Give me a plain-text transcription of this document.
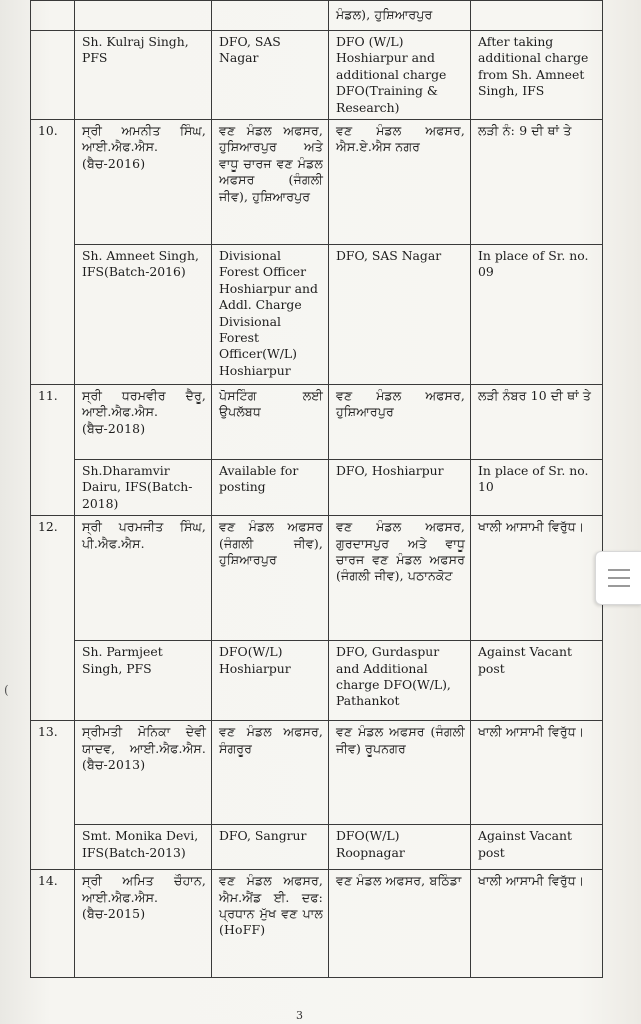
			ਮੰਡਲ), ਹੁਸ਼ਿਆਰਪੁਰ	
	Sh. Kulraj Singh, PFS	DFO, SAS Nagar	DFO (W/L) Hoshiarpur and additional charge DFO(Training & Research)	After taking additional charge from Sh. Amneet Singh, IFS
10.	ਸ੍ਰੀ ਅਮਨੀਤ ਸਿੰਘ, ਆਈ.ਐਫ.ਐਸ.(ਬੈਚ-2016)	ਵਣ ਮੰਡਲ ਅਫਸਰ, ਹੁਸ਼ਿਆਰਪੁਰ ਅਤੇ ਵਾਧੂ ਚਾਰਜ ਵਣ ਮੰਡਲ ਅਫਸਰ (ਜੰਗਲੀ ਜੀਵ), ਹੁਸ਼ਿਆਰਪੁਰ	ਵਣ ਮੰਡਲ ਅਫਸਰ, ਐਸ.ਏ.ਐਸ ਨਗਰ	ਲੜੀ ਨੰ: 9 ਦੀ ਥਾਂ ਤੇ
	Sh. Amneet Singh, IFS(Batch-2016)	Divisional Forest Officer Hoshiarpur and Addl. Charge Divisional Forest Officer(W/L) Hoshiarpur	DFO, SAS Nagar	In place of Sr. no. 09
11.	ਸ੍ਰੀ ਧਰਮਵੀਰ ਦੈਰੂ, ਆਈ.ਐਫ.ਐਸ.(ਬੈਚ-2018)	ਪੋਸਟਿੰਗ ਲਈ ਉਪਲੱਬਧ	ਵਣ ਮੰਡਲ ਅਫਸਰ, ਹੁਸ਼ਿਆਰਪੁਰ	ਲੜੀ ਨੰਬਰ 10 ਦੀ ਥਾਂ ਤੇ
	Sh.Dharamvir Dairu, IFS(Batch-2018)	Available for posting	DFO, Hoshiarpur	In place of Sr. no. 10
12.	ਸ੍ਰੀ ਪਰਮਜੀਤ ਸਿੰਘ, ਪੀ.ਐਫ.ਐਸ.	ਵਣ ਮੰਡਲ ਅਫਸਰ (ਜੰਗਲੀ ਜੀਵ), ਹੁਸ਼ਿਆਰਪੁਰ	ਵਣ ਮੰਡਲ ਅਫਸਰ, ਗੁਰਦਾਸਪੁਰ ਅਤੇ ਵਾਧੂ ਚਾਰਜ ਵਣ ਮੰਡਲ ਅਫਸਰ (ਜੰਗਲੀ ਜੀਵ), ਪਠਾਨਕੋਟ	ਖਾਲੀ ਆਸਾਮੀ ਵਿਰੁੱਧ।
	Sh. Parmjeet Singh, PFS	DFO(W/L) Hoshiarpur	DFO, Gurdaspur and Additional charge DFO(W/L), Pathankot	Against Vacant post
13.	ਸ੍ਰੀਮਤੀ ਮੋਨਿਕਾ ਦੇਵੀ ਯਾਦਵ, ਆਈ.ਐਫ.ਐਸ.(ਬੈਚ-2013)	ਵਣ ਮੰਡਲ ਅਫਸਰ, ਸੰਗਰੂਰ	ਵਣ ਮੰਡਲ ਅਫਸਰ (ਜੰਗਲੀ ਜੀਵ) ਰੂਪਨਗਰ	ਖਾਲੀ ਆਸਾਮੀ ਵਿਰੁੱਧ।
	Smt. Monika Devi, IFS(Batch-2013)	DFO, Sangrur	DFO(W/L) Roopnagar	Against Vacant post
14.	ਸ੍ਰੀ ਅਮਿਤ ਚੌਹਾਨ, ਆਈ.ਐਫ.ਐਸ.(ਬੈਚ-2015)	ਵਣ ਮੰਡਲ ਅਫਸਰ, ਐਮ.ਐਂਡ ਈ. ਦਫ: ਪ੍ਰਧਾਨ ਮੁੱਖ ਵਣ ਪਾਲ (HoFF)	ਵਣ ਮੰਡਲ ਅਫਸਰ, ਬਠਿੰਡਾ	ਖਾਲੀ ਆਸਾਮੀ ਵਿਰੁੱਧ।
(
3
